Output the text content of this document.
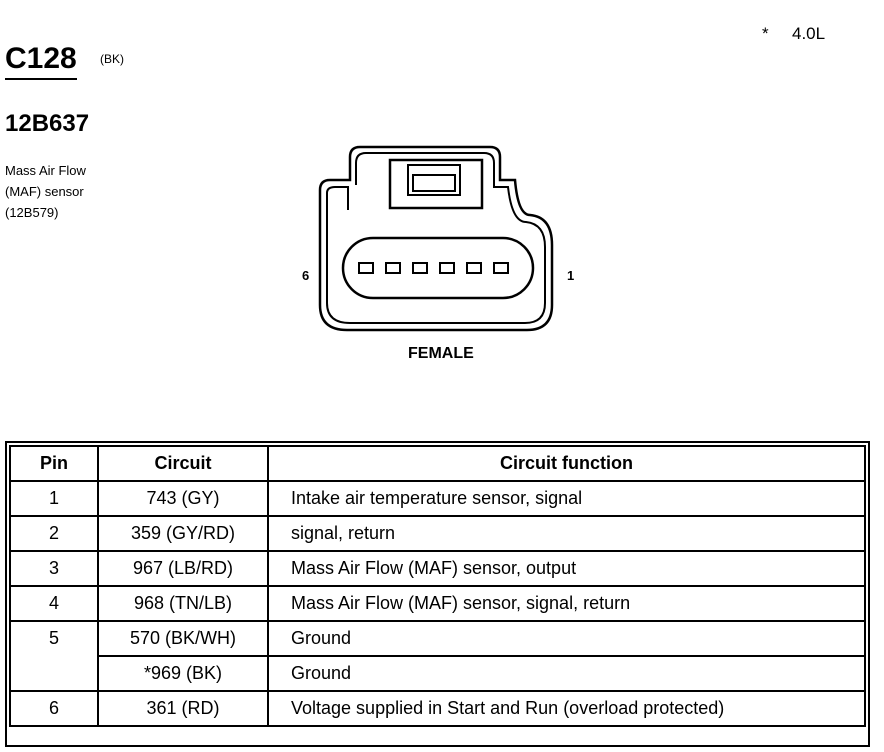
* 4.0L
C128 (BK)
12B637
Mass Air Flow
(MAF) sensor
(12B579)
6	1
FEMALE
Pin	Circuit	Circuit function
1	743 (GY)	Intake air temperature sensor, signal
2	359 (GY/RD)	signal, return
3	967 (LB/RD)	Mass Air Flow (MAF) sensor, output
4	968 (TN/LB)	Mass Air Flow (MAF) sensor, signal, return
5	570 (BK/WH)	Ground
	*969 (BK)	Ground
6	361 (RD)	Voltage supplied in Start and Run (overload protected)
